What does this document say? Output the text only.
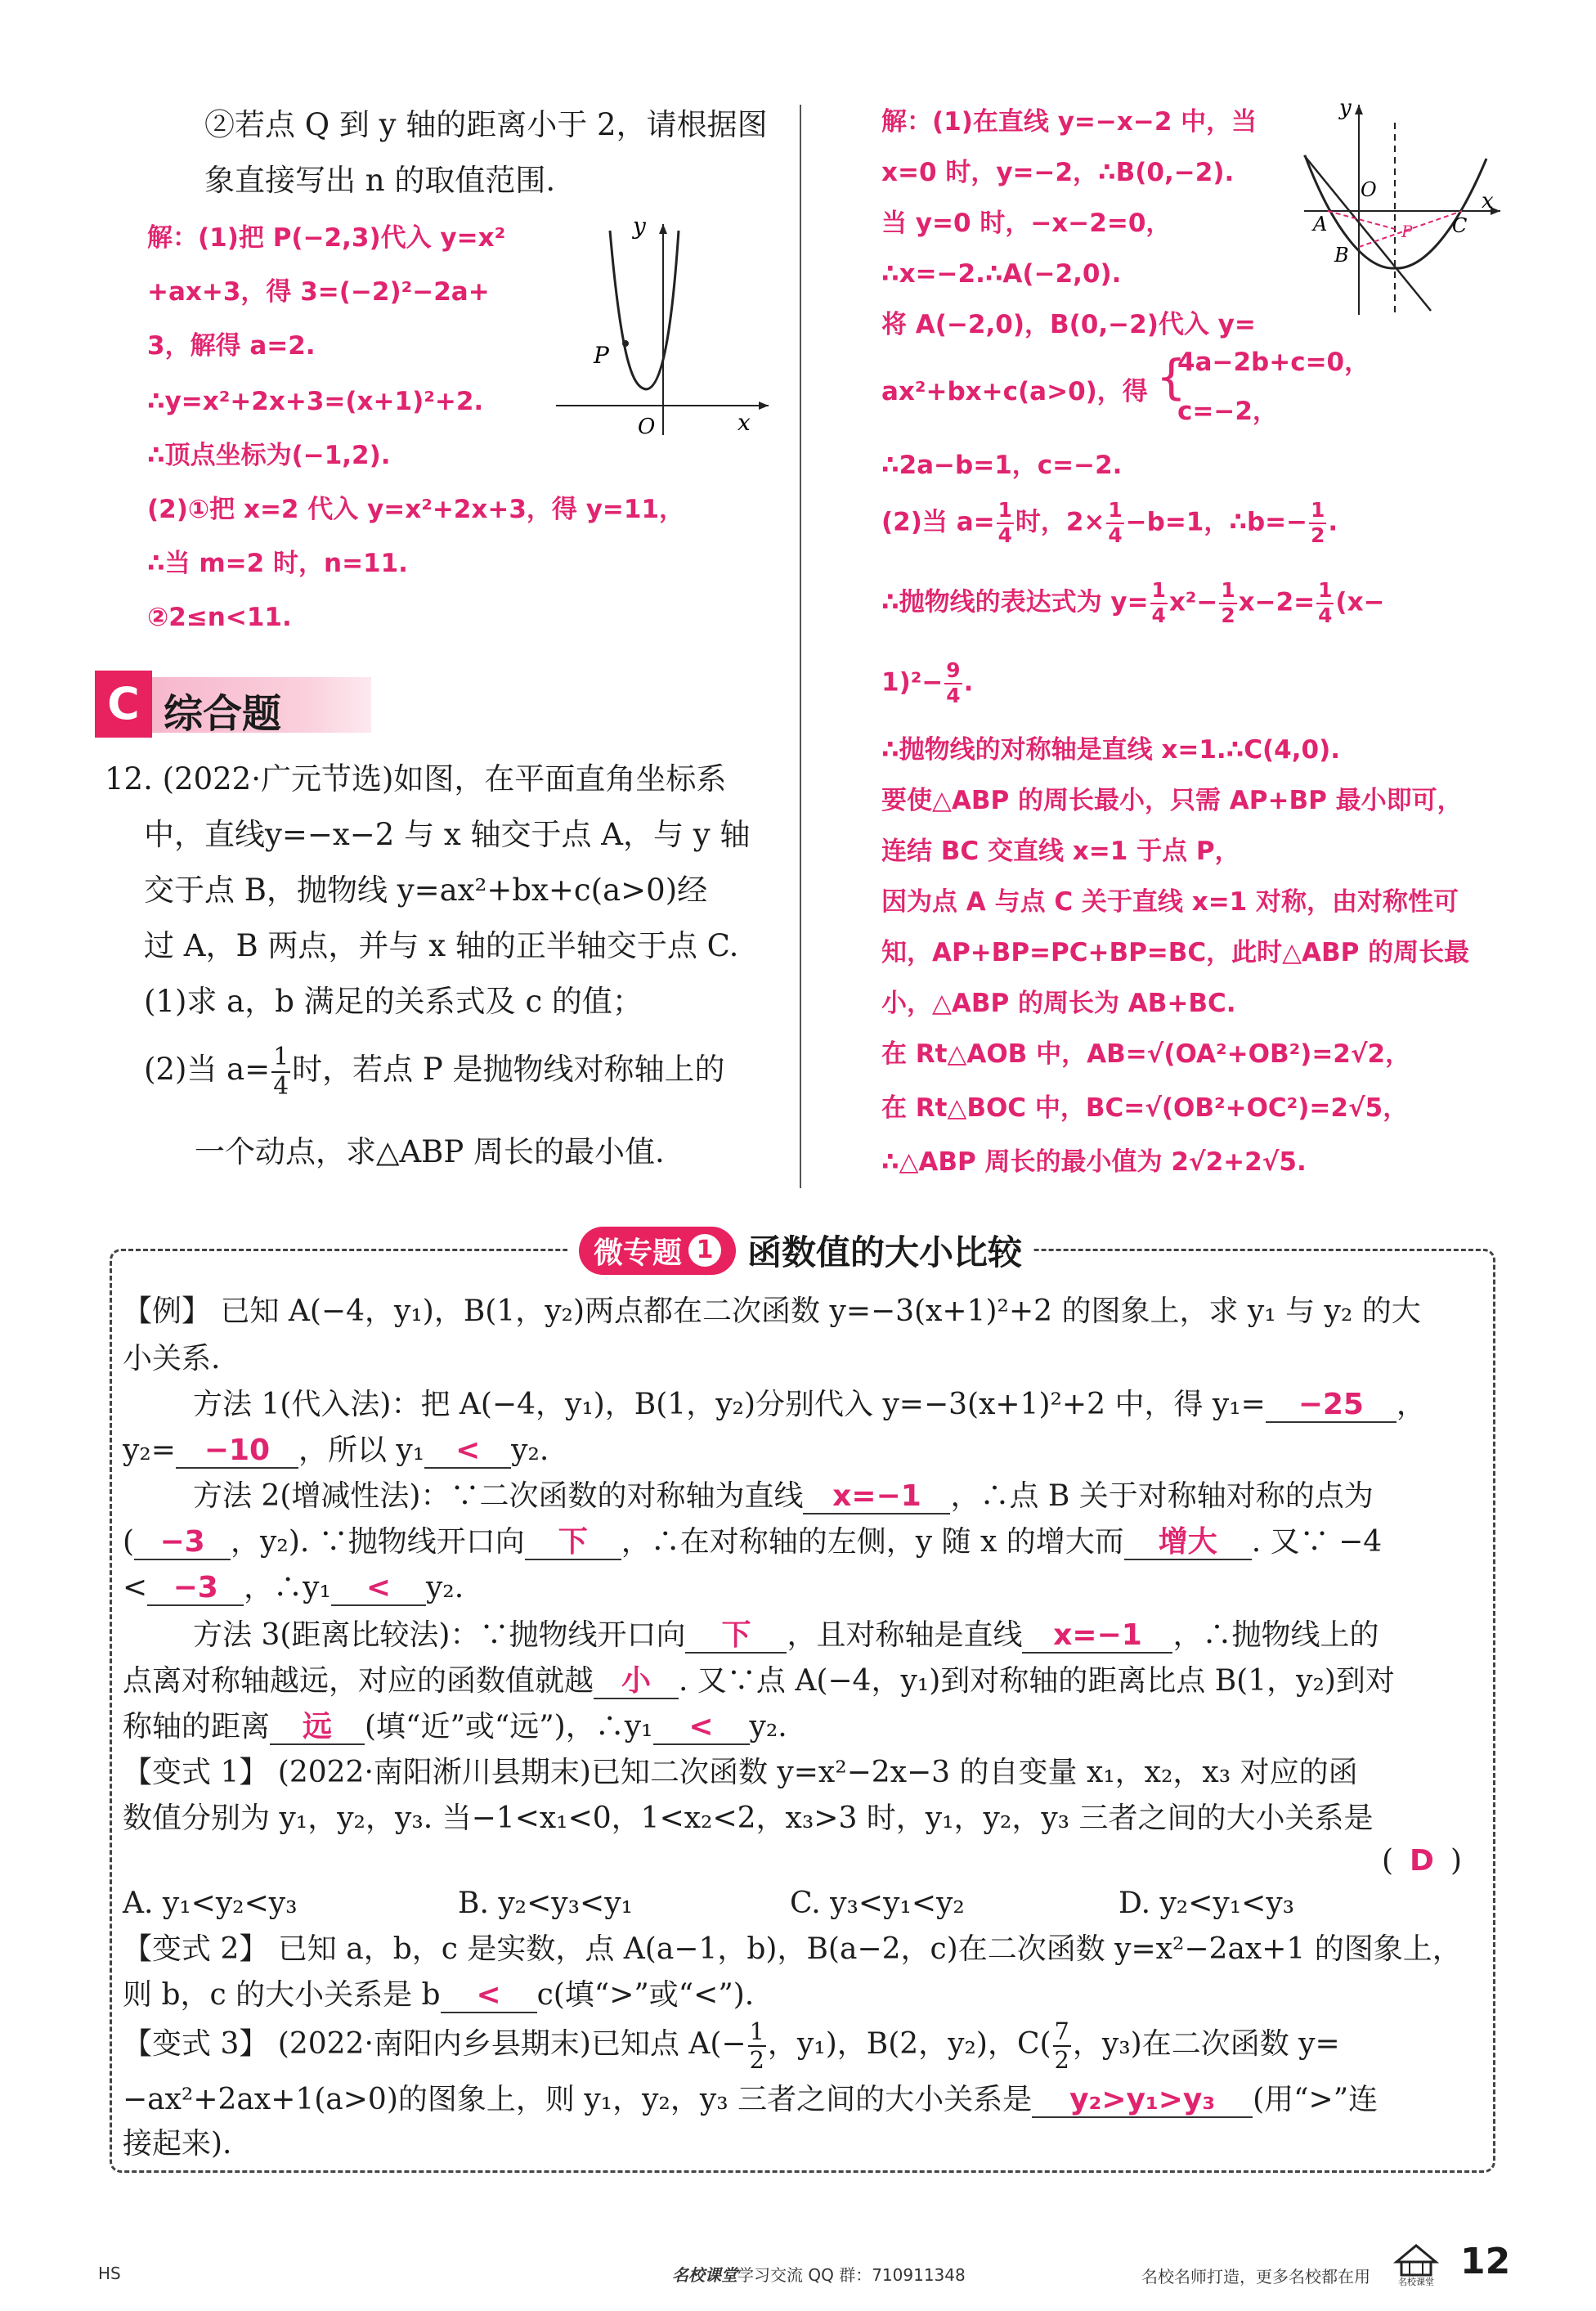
②若点 Q 到 y 轴的距离小于 2，请根据图
象直接写出 n 的取值范围.
解：(1)把 P(−2,3)代入 y=x²
+ax+3，得 3=(−2)²−2a+
3，解得 a=2.
∴y=x²+2x+3=(x+1)²+2.
∴顶点坐标为(−1,2).
(2)①把 x=2 代入 y=x²+2x+3，得 y=11，
∴当 m=2 时，n=11.
②2≤n<11.
y
x
O
P
C 综合题
12. (2022·广元节选)如图，在平面直角坐标系
中，直线y=−x−2 与 x 轴交于点 A，与 y 轴
交于点 B，抛物线 y=ax²+bx+c(a>0)经
过 A，B 两点，并与 x 轴的正半轴交于点 C.
(1)求 a，b 满足的关系式及 c 的值；
(2)当 $a= \frac{1}{4}$ 时，若点 P 是抛物线对称轴上的
一个动点，求△ABP 周长的最小值.
解：(1)在直线 y=−x−2 中，当
x=0 时，y=−2，∴B(0,−2).
当 y=0 时，−x−2=0，
∴x=−2.∴A(−2,0).
将 A(−2,0)，B(0,−2)代入 y=
ax²+bx+c(a>0)，得 {
4a−2b+c=0，
c=−2，
∴2a−b=1，c=−2.
(2)当 $a= \frac{1}{4}$ 时，$2\times \frac{1}{4} -b=1$，∴b=− $\frac{1}{2}$ .
∴抛物线的表达式为 $y= \frac{1}{4} x^2- \frac{1}{2} x-2= \frac{1}{4} (x-$
$1)^2- \frac{9}{4}$ .
∴抛物线的对称轴是直线 x=1.∴C(4,0).
要使△ABP 的周长最小，只需 AP+BP 最小即可，
连结 BC 交直线 x=1 于点 P，
因为点 A 与点 C 关于直线 x=1 对称，由对称性可
知，AP+BP=PC+BP=BC，此时△ABP 的周长最
小，△ABP 的周长为 AB+BC.
在 Rt△AOB 中，AB=√(OA²+OB²)=2√2，
在 Rt△BOC 中，BC=√(OB²+OC²)=2√5，
∴△ABP 周长的最小值为 2√2+2√5.
y
x
O
A
B
C
P
微专题 1 函数值的大小比较
【例】 已知 A(−4，y₁)，B(1，y₂)两点都在二次函数 y=−3(x+1)²+2 的图象上，求 y₁ 与 y₂ 的大
小关系.
方法 1(代入法)：把 A(−4，y₁)，B(1，y₂)分别代入 y=−3(x+1)²+2 中，得 y₁= −25 ，
y₂= −10 ，所以 y₁ < y₂.
方法 2(增减性法)：∵二次函数的对称轴为直线 x=−1 ，∴点 B 关于对称轴对称的点为
( −3 ，y₂). ∵抛物线开口向 下 ，∴在对称轴的左侧，y 随 x 的增大而 增大 . 又∵ −4
< −3 ，∴y₁ < y₂.
方法 3(距离比较法)：∵抛物线开口向 下 ，且对称轴是直线 x=−1 ，∴抛物线上的
点离对称轴越远，对应的函数值就越 小 . 又∵点 A(−4，y₁)到对称轴的距离比点 B(1，y₂)到对
称轴的距离 远 (填“近”或“远”)，∴y₁ < y₂.
【变式 1】 (2022·南阳淅川县期末)已知二次函数 y=x²−2x−3 的自变量 x₁，x₂，x₃ 对应的函
数值分别为 y₁，y₂，y₃. 当−1<x₁<0，1<x₂<2，x₃>3 时，y₁，y₂，y₃ 三者之间的大小关系是
( D )
A. y₁<y₂<y₃	B. y₂<y₃<y₁	C. y₃<y₁<y₂	D. y₂<y₁<y₃
【变式 2】 已知 a，b，c 是实数，点 A(a−1，b)，B(a−2，c)在二次函数 y=x²−2ax+1 的图象上，
则 b，c 的大小关系是 b < c(填“>”或“<”).
【变式 3】 (2022·南阳内乡县期末)已知点 $A(- \frac{1}{2}$ ，y₁)，B(2，y₂)，$C( \frac{7}{2}$ ，y₃)在二次函数 y=
−ax²+2ax+1(a>0)的图象上，则 y₁，y₂，y₃ 三者之间的大小关系是 y₂>y₁>y₃ (用“>”连
接起来).
HS	名校课堂学习交流 QQ 群：710911348	名校名师打造，更多名校都在用	名校课堂 12
